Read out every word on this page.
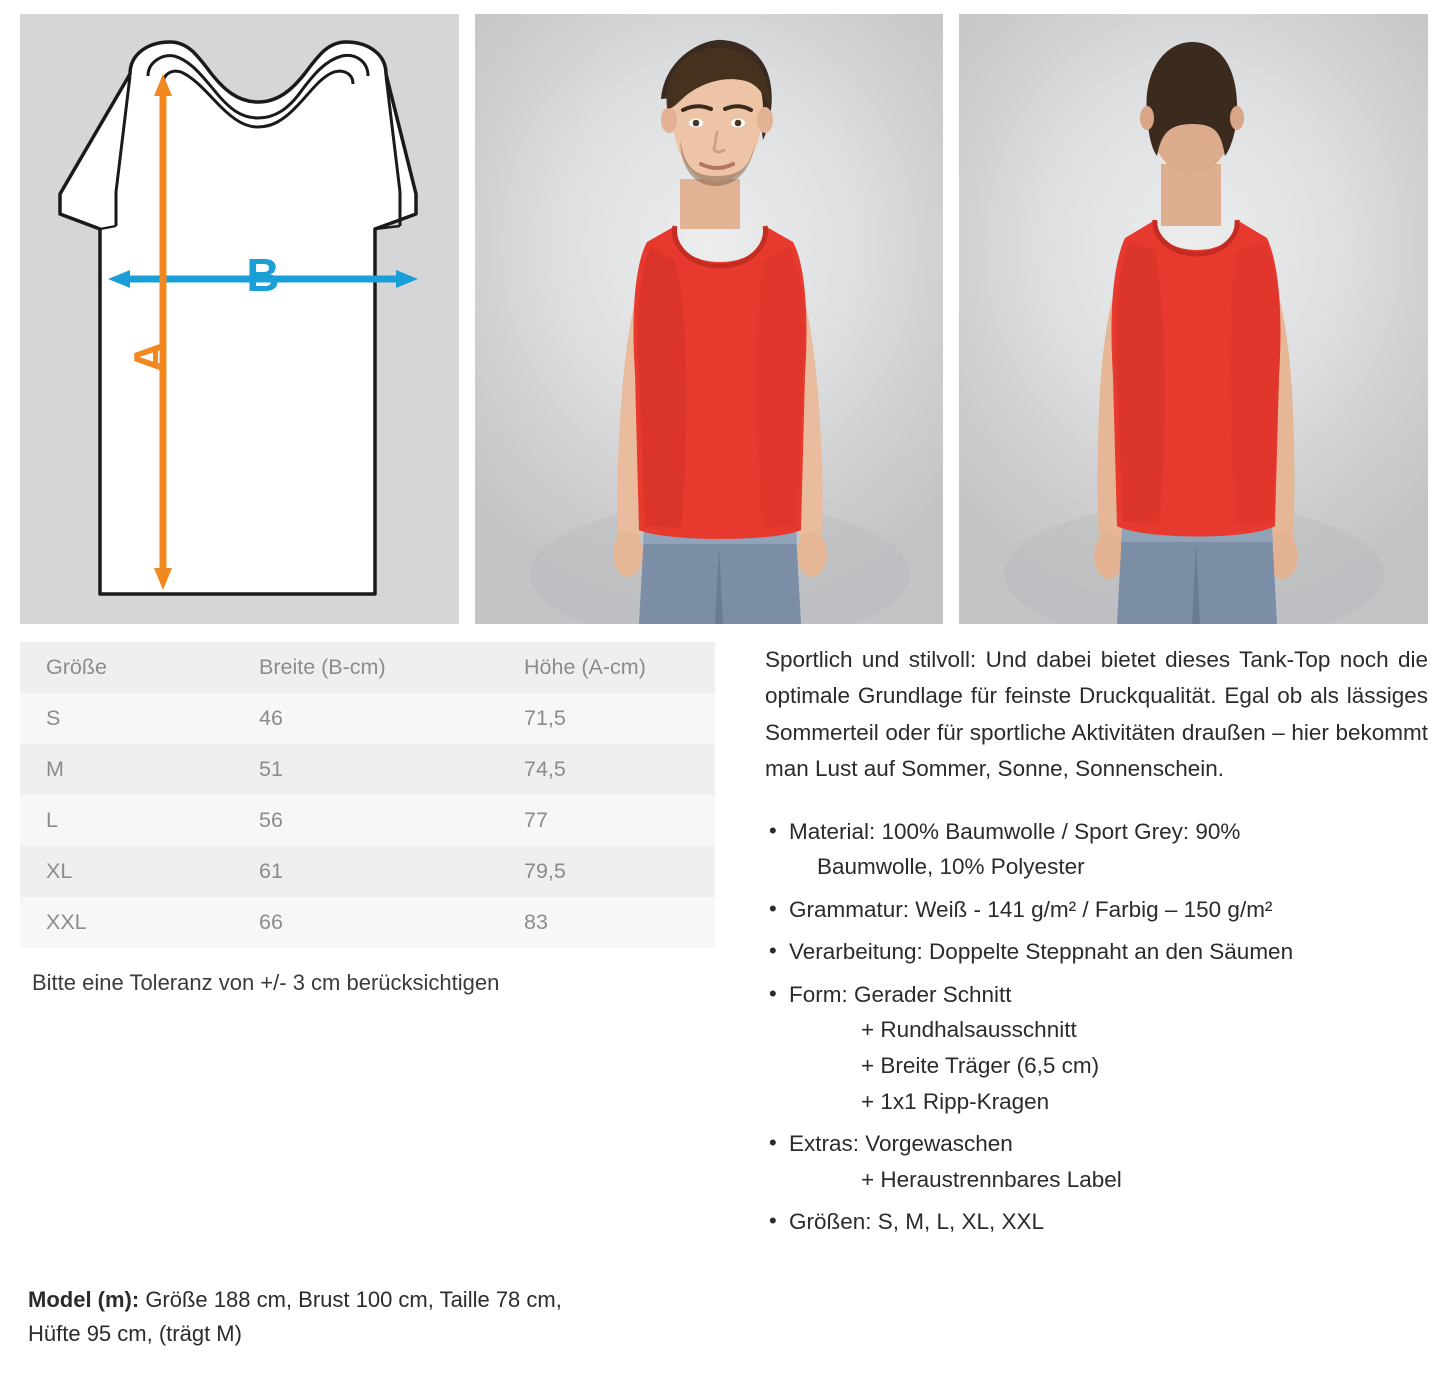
B
A
Größe	Breite (B-cm)	Höhe (A-cm)
S	46	71,5
M	51	74,5
L	56	77
XL	61	79,5
XXL	66	83
Bitte eine Toleranz von +/- 3 cm berücksichtigen

Sportlich und stilvoll: Und dabei bietet dieses Tank-Top noch die optimale Grundlage für feinste Druckqualität. Egal ob als lässiges Sommerteil oder für sportliche Aktivitäten draußen – hier bekommt man Lust auf Sommer, Sonne, Sonnenschein.

• Material: 100% Baumwolle / Sport Grey: 90%
Baumwolle, 10% Polyester
• Grammatur: Weiß - 141 g/m² / Farbig – 150 g/m²
• Verarbeitung: Doppelte Steppnaht an den Säumen
• Form: Gerader Schnitt
+ Rundhalsausschnitt
+ Breite Träger (6,5 cm)
+ 1x1 Ripp-Kragen
• Extras: Vorgewaschen
+ Heraustrennbares Label
• Größen: S, M, L, XL, XXL
Model (m): Größe 188 cm, Brust 100 cm, Taille 78 cm,
Hüfte 95 cm, (trägt M)
